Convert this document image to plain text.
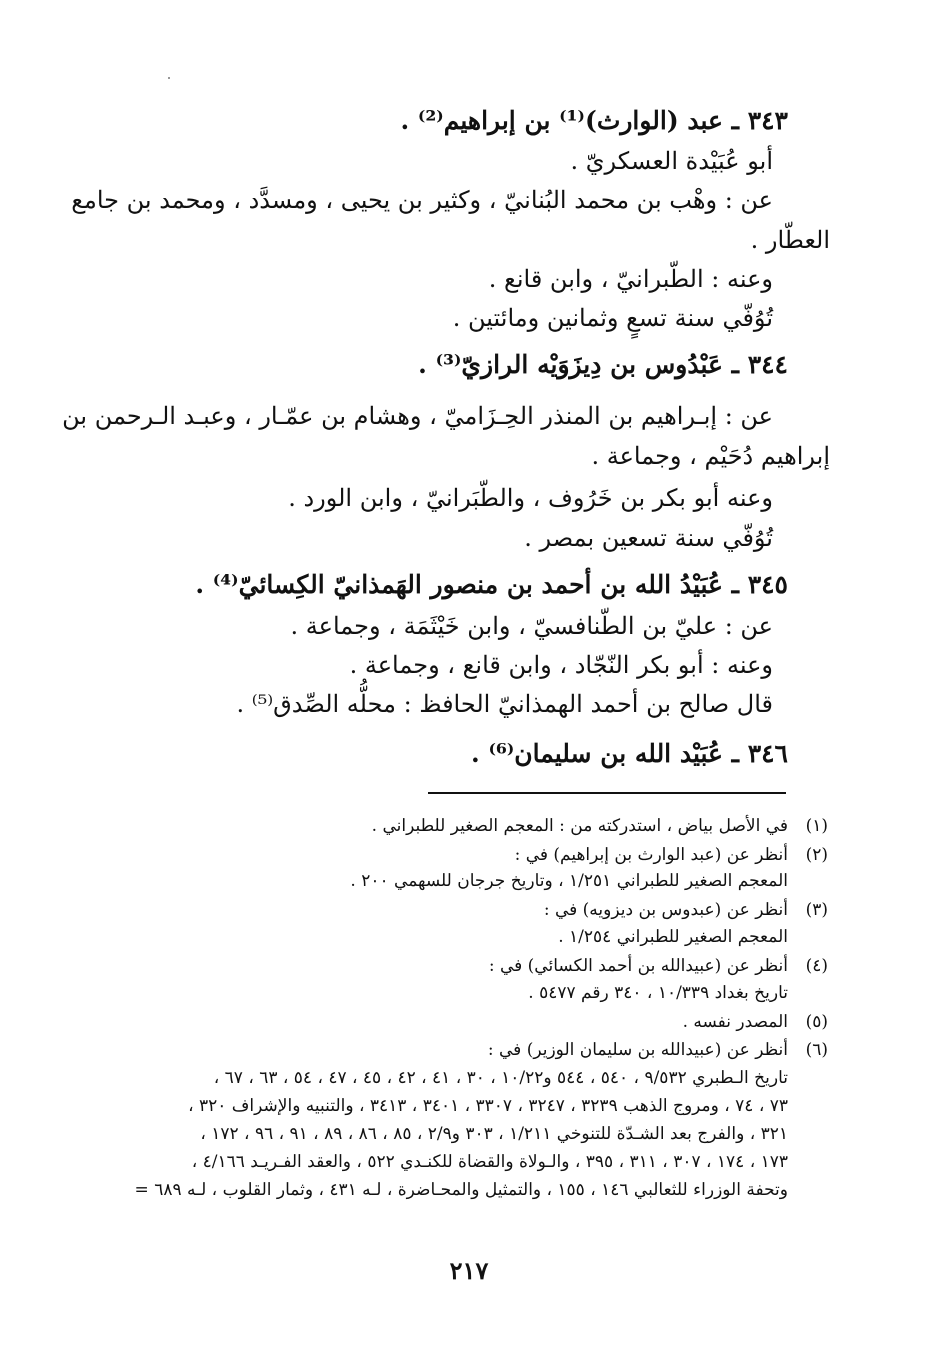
٣٤٣ ـ عبد (الوارث)⁽¹⁾ بن إبراهيم⁽²⁾ .
أبو عُبَيْدة العسكريّ .
عن : وهْب بن محمد البُنانيّ ، وكثير بن يحيى ، ومسدَّد ، ومحمد بن جامع
العطّار .
وعنه : الطّبرانيّ ، وابن قانع .
تُوُفّي سنة تسعٍ وثمانين ومائتين .
٣٤٤ ـ عَبْدُوس بن دِيزَوَيْه الرازيّ⁽³⁾ .
عن : إبـراهيم بن المنذر الحِـزَاميّ ، وهشام بن عمّـار ، وعبـد الـرحمن بن
إبراهيم دُحَيْم ، وجماعة .
وعنه أبو بكر بن خَرُوف ، والطّبَرانيّ ، وابن الورد .
تُوُفّي سنة تسعين بمصر .
٣٤٥ ـ عُبَيْدُ الله بن أحمد بن منصور الهَمذانيّ الكِسائيّ⁽⁴⁾ .
عن : عليّ بن الطّنافسيّ ، وابن خَيْثَمَة ، وجماعة .
وعنه : أبو بكر النّجّاد ، وابن قانع ، وجماعة .
قال صالح بن أحمد الهمذانيّ الحافظ : محلُّه الصِّدق⁽⁵⁾ .
٣٤٦ ـ عُبَيْد الله بن سليمان⁽⁶⁾ .
(١)
في الأصل بياض ، استدركته من : المعجم الصغير للطبراني .
(٢)
أنظر عن (عبد الوارث بن إبراهيم) في :
المعجم الصغير للطبراني ١/٢٥١ ، وتاريخ جرجان للسهمي ٢٠٠ .
(٣)
أنظر عن (عبدوس بن ديزويه) في :
المعجم الصغير للطبراني ١/٢٥٤ .
(٤)
أنظر عن (عبيدالله بن أحمد الكسائي) في :
تاريخ بغداد ١٠/٣٣٩ ، ٣٤٠ رقم ٥٤٧٧ .
(٥)
المصدر نفسه .
(٦)
أنظر عن (عبيدالله بن سليمان الوزير) في :
تاريخ الـطبري ٩/٥٣٢ ، ٥٤٠ ، ٥٤٤ و١٠/٢٢ ، ٣٠ ، ٤١ ، ٤٢ ، ٤٥ ، ٤٧ ، ٥٤ ، ٦٣ ، ٦٧ ،
٧٣ ، ٧٤ ، ومروج الذهب ٣٢٣٩ ، ٣٢٤٧ ، ٣٣٠٧ ، ٣٤٠١ ، ٣٤١٣ ، والتنبيه والإشراف ٣٢٠ ،
٣٢١ ، والفرج بعد الشـدّة للتنوخي ١/٢١١ ، ٣٠٣ و٢/٩ ، ٨٥ ، ٨٦ ، ٨٩ ، ٩١ ، ٩٦ ، ١٧٢ ،
١٧٣ ، ١٧٤ ، ٣٠٧ ، ٣١١ ، ٣٩٥ ، والـولاة والقضاة للكنـدي ٥٢٢ ، والعقد الفـريـد ٤/١٦٦ ،
وتحفة الوزراء للثعالبي ١٤٦ ، ١٥٥ ، والتمثيل والمحـاضرة ، لـه ٤٣١ ، وثمار القلوب ، لـه ٦٨٩ =
٢١٧
